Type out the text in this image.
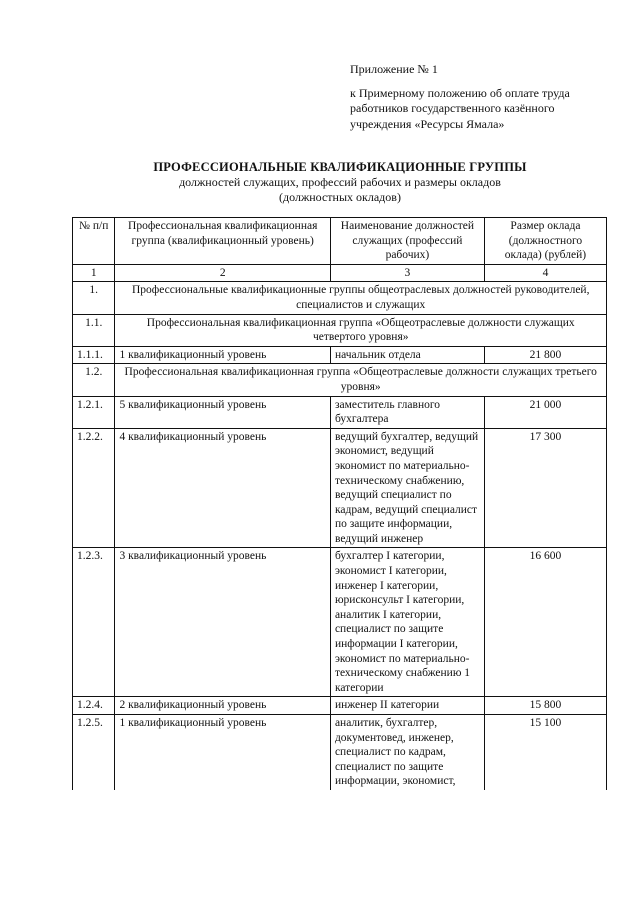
Приложение № 1
к Примерному положению об оплате труда
работников государственного казённого
учреждения «Ресурсы Ямала»
ПРОФЕССИОНАЛЬНЫЕ КВАЛИФИКАЦИОННЫЕ ГРУППЫ
должностей служащих, профессий рабочих и размеры окладов
(должностных окладов)
№ п/п	Профессиональная квалификационная группа (квалификационный уровень)	Наименование должностей служащих (профессий рабочих)	Размер оклада (должностного оклада) (рублей)
1	2	3	4
1.	Профессиональные квалификационные группы общеотраслевых должностей руководителей, специалистов и служащих		
1.1.	Профессиональная квалификационная группа «Общеотраслевые должности служащих четвертого уровня»		
1.1.1.	1 квалификационный уровень	начальник отдела	21 800
1.2.	Профессиональная квалификационная группа «Общеотраслевые должности служащих третьего уровня»		
1.2.1.	5 квалификационный уровень	заместитель главного бухгалтера	21 000
1.2.2.	4 квалификационный уровень	ведущий бухгалтер, ведущий экономист, ведущий экономист по материально-техническому снабжению, ведущий специалист по кадрам, ведущий специалист по защите информации, ведущий инженер	17 300
1.2.3.	3 квалификационный уровень	бухгалтер I категории, экономист I категории, инженер I категории, юрисконсульт I категории, аналитик I категории, специалист по защите информации I категории, экономист по материально-техническому снабжению 1 категории	16 600
1.2.4.	2 квалификационный уровень	инженер II категории	15 800
1.2.5.	1 квалификационный уровень	аналитик, бухгалтер, документовед, инженер, специалист по кадрам, специалист по защите информации, экономист,	15 100
